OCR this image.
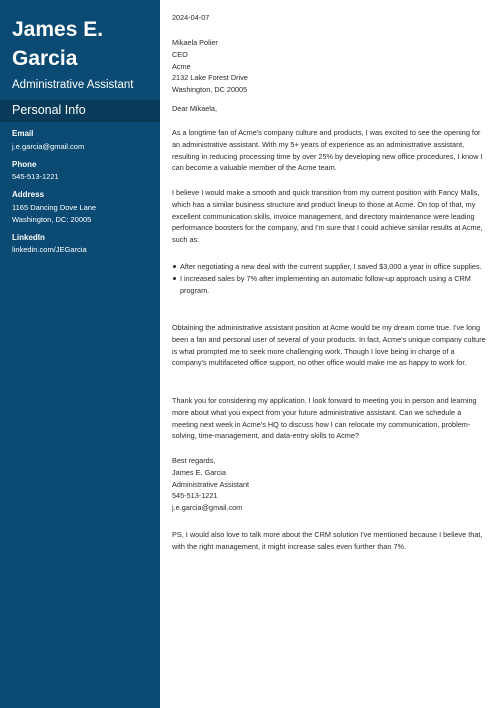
James E. Garcia
Administrative Assistant
Personal Info
Email
j.e.garcia@gmail.com
Phone
545-513-1221
Address
1165 Dancing Dove Lane
Washington, DC: 20005
LinkedIn
linkedin.com/JEGarcia

2024-04-07

Mikaela Polier

CEO

Acme

2132 Lake Forest Drive

Washington, DC 20005

Dear Mikaela,

As a longtime fan of Acme's company culture and products, I was excited to see the opening for an administrative assistant. With my 5+ years of experience as an administrative assistant, resulting in reducing processing time by over 25% by developing new office procedures, I know I can become a valuable member of the Acme team.

I believe I would make a smooth and quick transition from my current position with Fancy Malls, which has a similar business structure and product lineup to those at Acme. On top of that, my excellent communication skills, invoice management, and directory maintenance were leading performance boosters for the company, and I'm sure that I could achieve similar results at Acme, such as:

After negotiating a new deal with the current supplier, I saved $3,000 a year in office supplies.
I increased sales by 7% after implementing an automatic follow-up approach using a CRM program.

Obtaining the administrative assistant position at Acme would be my dream come true. I've long been a fan and personal user of several of your products. In fact, Acme's unique company culture is what prompted me to seek more challenging work. Though I love being in charge of a company's multifaceted office support, no other office would make me as happy to work for.

Thank you for considering my application. I look forward to meeting you in person and learning more about what you expect from your future administrative assistant. Can we schedule a meeting next week in Acme's HQ to discuss how I can relocate my communication, problem-solving, time-management, and data-entry skills to Acme?

Best regards,

James E. Garcia

Administrative Assistant

545-513-1221

j.e.garcia@gmail.com

PS, I would also love to talk more about the CRM solution I've mentioned because I believe that, with the right management, it might increase sales even further than 7%.
